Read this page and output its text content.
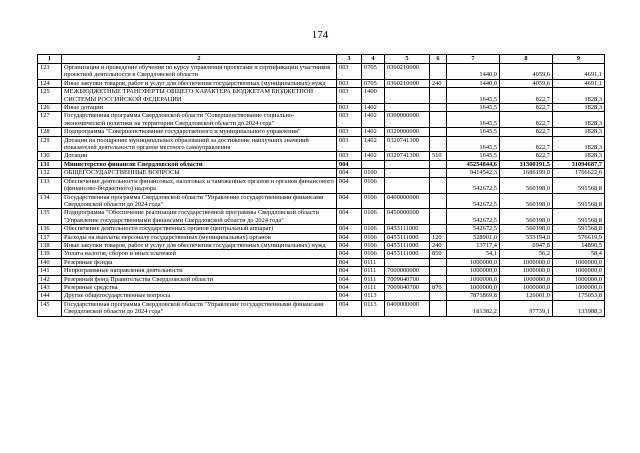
174
1	2	3	4	5	6	7	8	9
123	Организация и проведение обучения по курсу управления проектами и сертификации участников проектной деятельности в Свердловской области	003	0705	0360210000		1440,0	4059,6	4691,1
124	Иные закупки товаров, работ и услуг для обеспечения государственных (муниципальных) нужд	003	0705	0360210000	240	1440,0	4059,6	4691,1
125	МЕЖБЮДЖЕТНЫЕ ТРАНСФЕРТЫ ОБЩЕГО ХАРАКТЕРА БЮДЖЕТАМ БЮДЖЕТНОЙ СИСТЕМЫ РОССИЙСКОЙ ФЕДЕРАЦИИ	003	1400			1645,5	822,7	1828,3
126	Иные дотации	003	1402			1645,5	822,7	1828,3
127	Государственная программа Свердловской области "Совершенствование социально-экономической политики на территории Свердловской области до 2024 года"	003	1402	0300000000		1645,5	822,7	1828,3
128	Подпрограмма "Совершенствование государственного и муниципального управления"	003	1402	0320000000		1645,5	822,7	1828,3
129	Дотации на поощрение муниципальных образований за достижение наилучших значений показателей деятельности органов местного самоуправления	003	1402	0320741300		1645,5	822,7	1828,3
130	Дотации	003	1402	0320741300	510	1645,5	822,7	1828,3
131	Министерство финансов Свердловской области	004				45254844,6	31300191,5	31094687,7
132	ОБЩЕГОСУДАРСТВЕННЫЕ ВОПРОСЫ	004	0100			9414542,3	1686199,0	1766622,6
133	Обеспечение деятельности финансовых, налоговых и таможенных органов и органов финансового (финансово-бюджетного) надзора	004	0106			542672,5	560198,0	591568,8
134	Государственная программа Свердловской области "Управление государственными финансами Свердловской области до 2024 года"	004	0106	0400000000		542672,5	560198,0	591568,8
135	Подпрограмма "Обеспечение реализации государственной программы Свердловской области "Управление государственными финансами Свердловской области до 2024 года"	004	0106	0450000000		542672,5	560198,0	591568,8
136	Обеспечение деятельности государственных органов (центральный аппарат)	004	0106	0453111000		542672,5	560198,0	591568,8
137	Расходы на выплаты персоналу государственных (муниципальных) органов	004	0106	0453111000	120	528901,0	553194,0	576619,9
138	Иные закупки товаров, работ и услуг для обеспечения государственных (муниципальных) нужд	004	0106	0453111000	240	13717,4	6947,8	14890,5
139	Уплата налогов, сборов и иных платежей	004	0106	0453111000	850	54,1	56,2	58,4
140	Резервные фонды	004	0111			1000000,0	1000000,0	1000000,0
141	Непрограммные направления деятельности	004	0111	7000000000		1000000,0	1000000,0	1000000,0
142	Резервный фонд Правительства Свердловской области	004	0111	7009040700		1000000,0	1000000,0	1000000,0
143	Резервные средства	004	0111	7009040700	870	1000000,0	1000000,0	1000000,0
144	Другие общегосударственные вопросы	004	0113			7871869,8	126001,0	175053,8
145	Государственная программа Свердловской области "Управление государственными финансами Свердловской области до 2024 года"	004	0113	0400000000		181382,2	97739,1	133988,3
